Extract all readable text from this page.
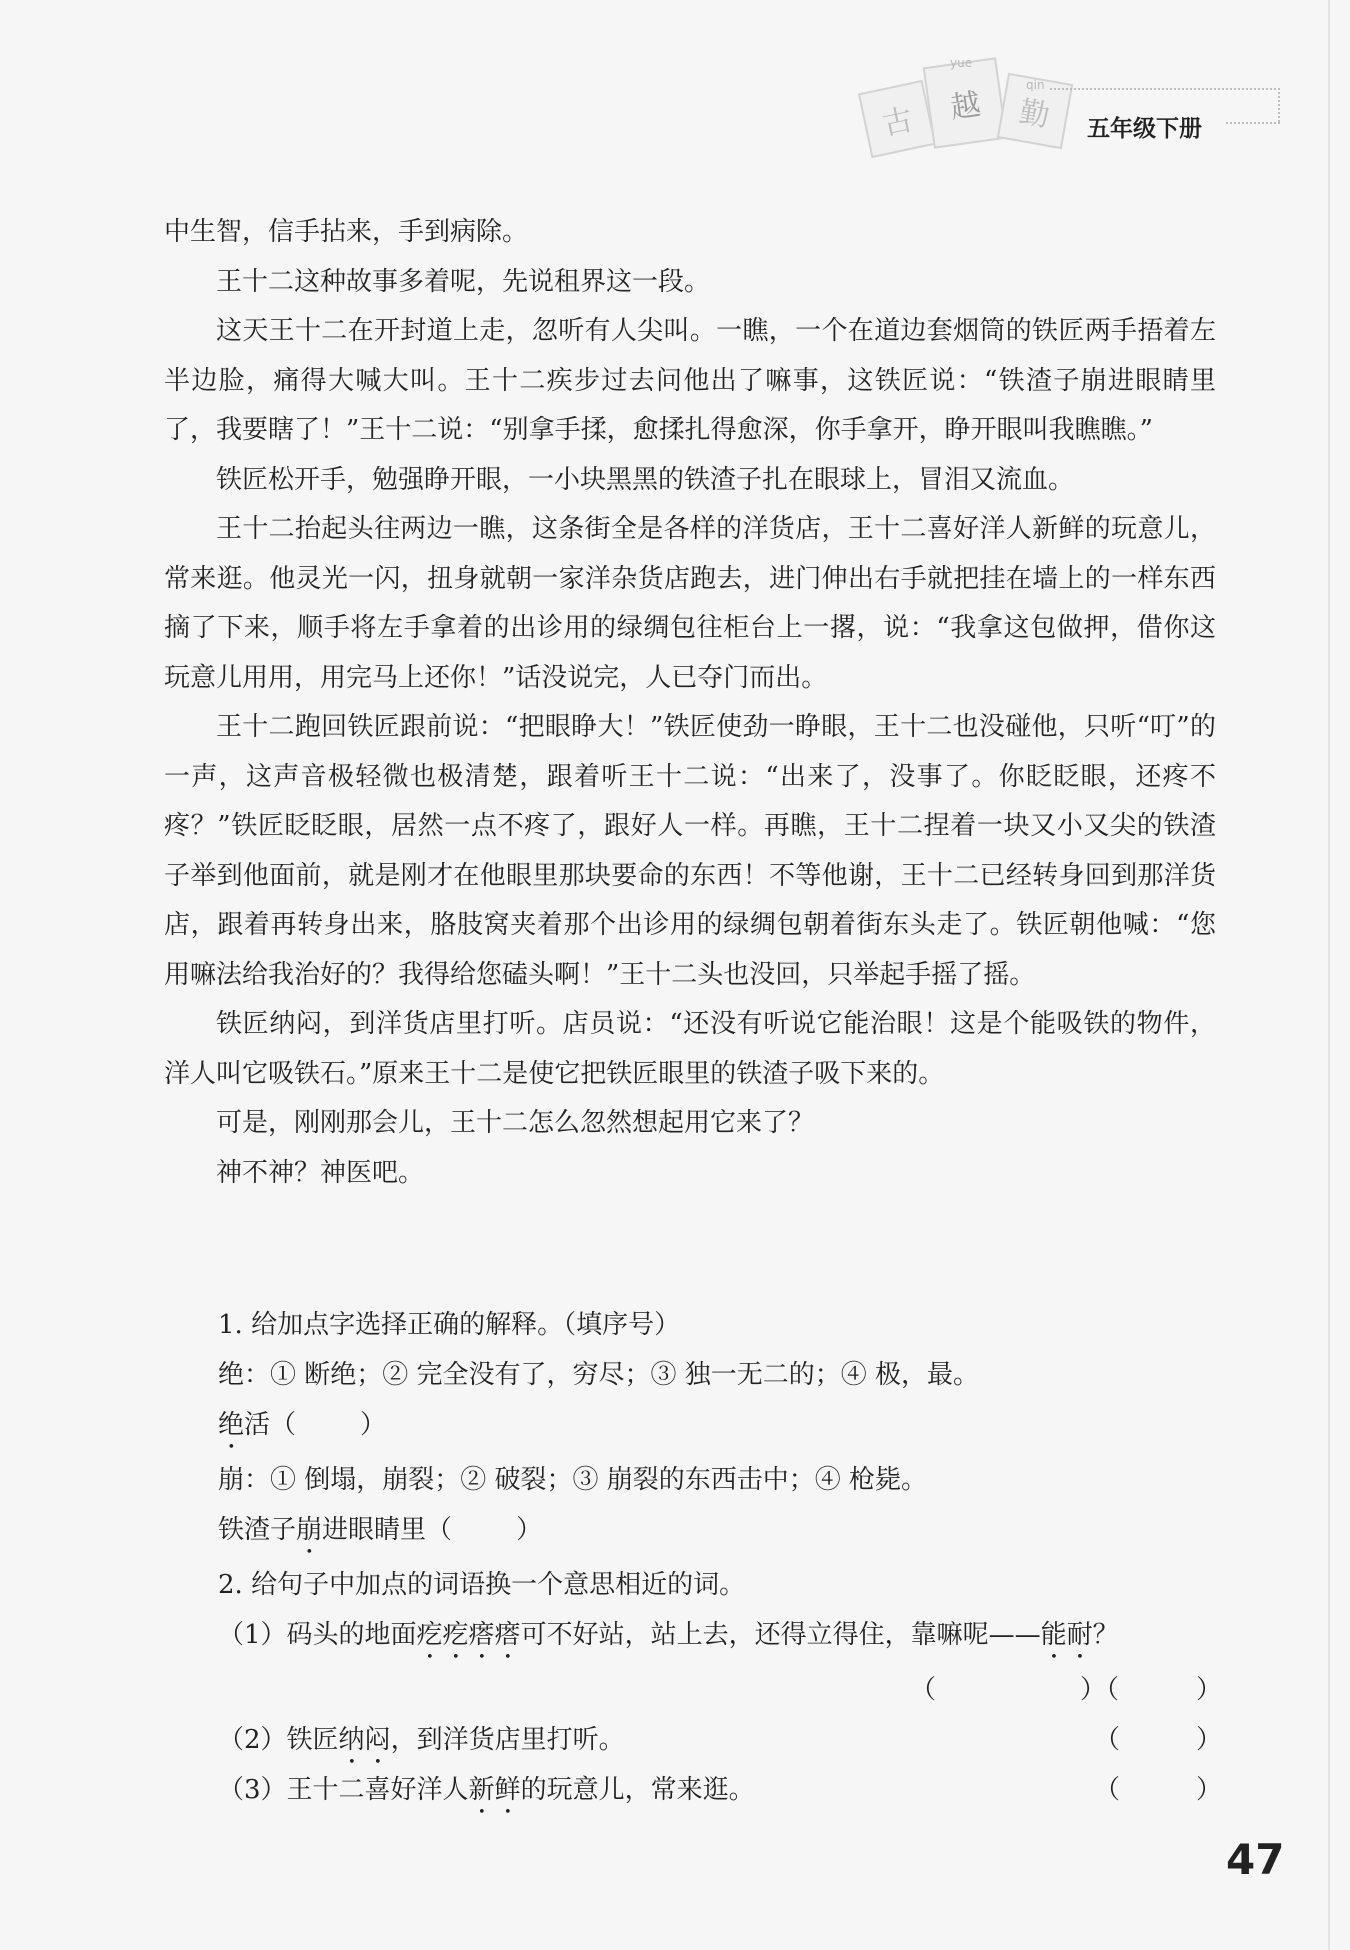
古 越 勤
yue
qin
五年级下册

中生智，信手拈来，手到病除。

王十二这种故事多着呢，先说租界这一段。

这天王十二在开封道上走，忽听有人尖叫。一瞧，一个在道边套烟筒的铁匠两手捂着左半边脸，痛得大喊大叫。王十二疾步过去问他出了嘛事，这铁匠说：“铁渣子崩进眼睛里了，我要瞎了！”王十二说：“别拿手揉，愈揉扎得愈深，你手拿开，睁开眼叫我瞧瞧。”

铁匠松开手，勉强睁开眼，一小块黑黑的铁渣子扎在眼球上，冒泪又流血。

王十二抬起头往两边一瞧，这条街全是各样的洋货店，王十二喜好洋人新鲜的玩意儿，常来逛。他灵光一闪，扭身就朝一家洋杂货店跑去，进门伸出右手就把挂在墙上的一样东西摘了下来，顺手将左手拿着的出诊用的绿绸包往柜台上一撂，说：“我拿这包做押，借你这玩意儿用用，用完马上还你！”话没说完，人已夺门而出。

王十二跑回铁匠跟前说：“把眼睁大！”铁匠使劲一睁眼，王十二也没碰他，只听“叮”的一声，这声音极轻微也极清楚，跟着听王十二说：“出来了，没事了。你眨眨眼，还疼不疼？”铁匠眨眨眼，居然一点不疼了，跟好人一样。再瞧，王十二捏着一块又小又尖的铁渣子举到他面前，就是刚才在他眼里那块要命的东西！不等他谢，王十二已经转身回到那洋货店，跟着再转身出来，胳肢窝夹着那个出诊用的绿绸包朝着街东头走了。铁匠朝他喊：“您用嘛法给我治好的？我得给您磕头啊！”王十二头也没回，只举起手摇了摇。

铁匠纳闷，到洋货店里打听。店员说：“还没有听说它能治眼！这是个能吸铁的物件，洋人叫它吸铁石。”原来王十二是使它把铁匠眼里的铁渣子吸下来的。

可是，刚刚那会儿，王十二怎么忽然想起用它来了？

神不神？神医吧。

1. 给加点字选择正确的解释。（填序号）
绝：① 断绝；② 完全没有了，穷尽；③ 独一无二的；④ 极，最。
绝活（ ）
崩：① 倒塌，崩裂；② 破裂；③ 崩裂的东西击中；④ 枪毙。
铁渣子崩进眼睛里（ ）
2. 给句子中加点的词语换一个意思相近的词。
（1）码头的地面疙疙瘩瘩可不好站，站上去，还得立得住，靠嘛呢——能耐？
（	）（	）
（2）铁匠纳闷，到洋货店里打听。	（	）
（3）王十二喜好洋人新鲜的玩意儿，常来逛。	（	）
47
